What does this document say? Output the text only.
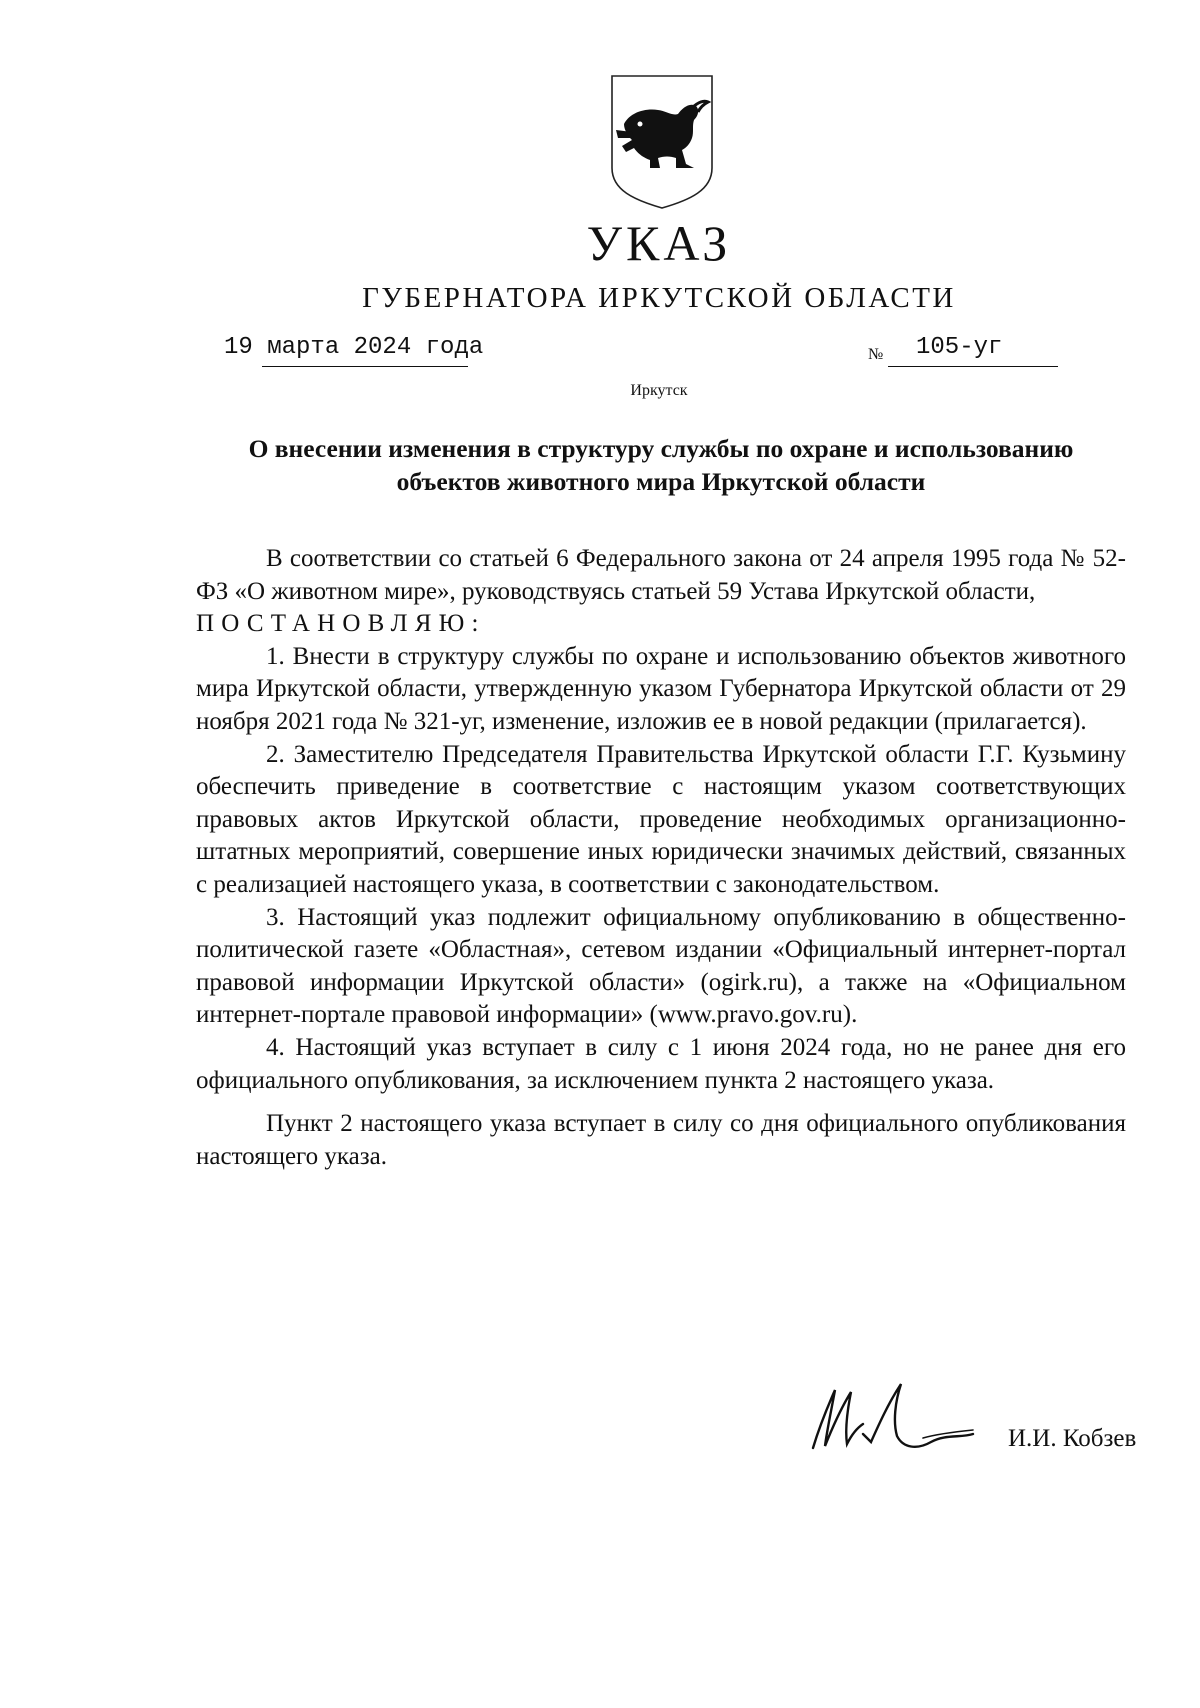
УКАЗ
ГУБЕРНАТОРА ИРКУТСКОЙ ОБЛАСТИ
19 марта 2024 года	№ 105-уг
Иркутск
О внесении изменения в структуру службы по охране и использованию
объектов животного мира Иркутской области

В соответствии со статьей 6 Федерального закона от 24 апреля 1995 года № 52-ФЗ «О животном мире», руководствуясь статьей 59 Устава Иркутской области,

ПОСТАНОВЛЯЮ:

1. Внести в структуру службы по охране и использованию объектов животного мира Иркутской области, утвержденную указом Губернатора Иркутской области от 29 ноября 2021 года № 321-уг, изменение, изложив ее в новой редакции (прилагается).

2. Заместителю Председателя Правительства Иркутской области Г.Г. Кузьмину обеспечить приведение в соответствие с настоящим указом соответствующих правовых актов Иркутской области, проведение необходимых организационно-штатных мероприятий, совершение иных юридически значимых действий, связанных с реализацией настоящего указа, в соответствии с законодательством.

3. Настоящий указ подлежит официальному опубликованию в общественно-политической газете «Областная», сетевом издании «Официальный интернет-портал правовой информации Иркутской области» (ogirk.ru), а также на «Официальном интернет-портале правовой информации» (www.pravo.gov.ru).

4. Настоящий указ вступает в силу с 1 июня 2024 года, но не ранее дня его официального опубликования, за исключением пункта 2 настоящего указа.

Пункт 2 настоящего указа вступает в силу со дня официального опубликования настоящего указа.

И.И. Кобзев
